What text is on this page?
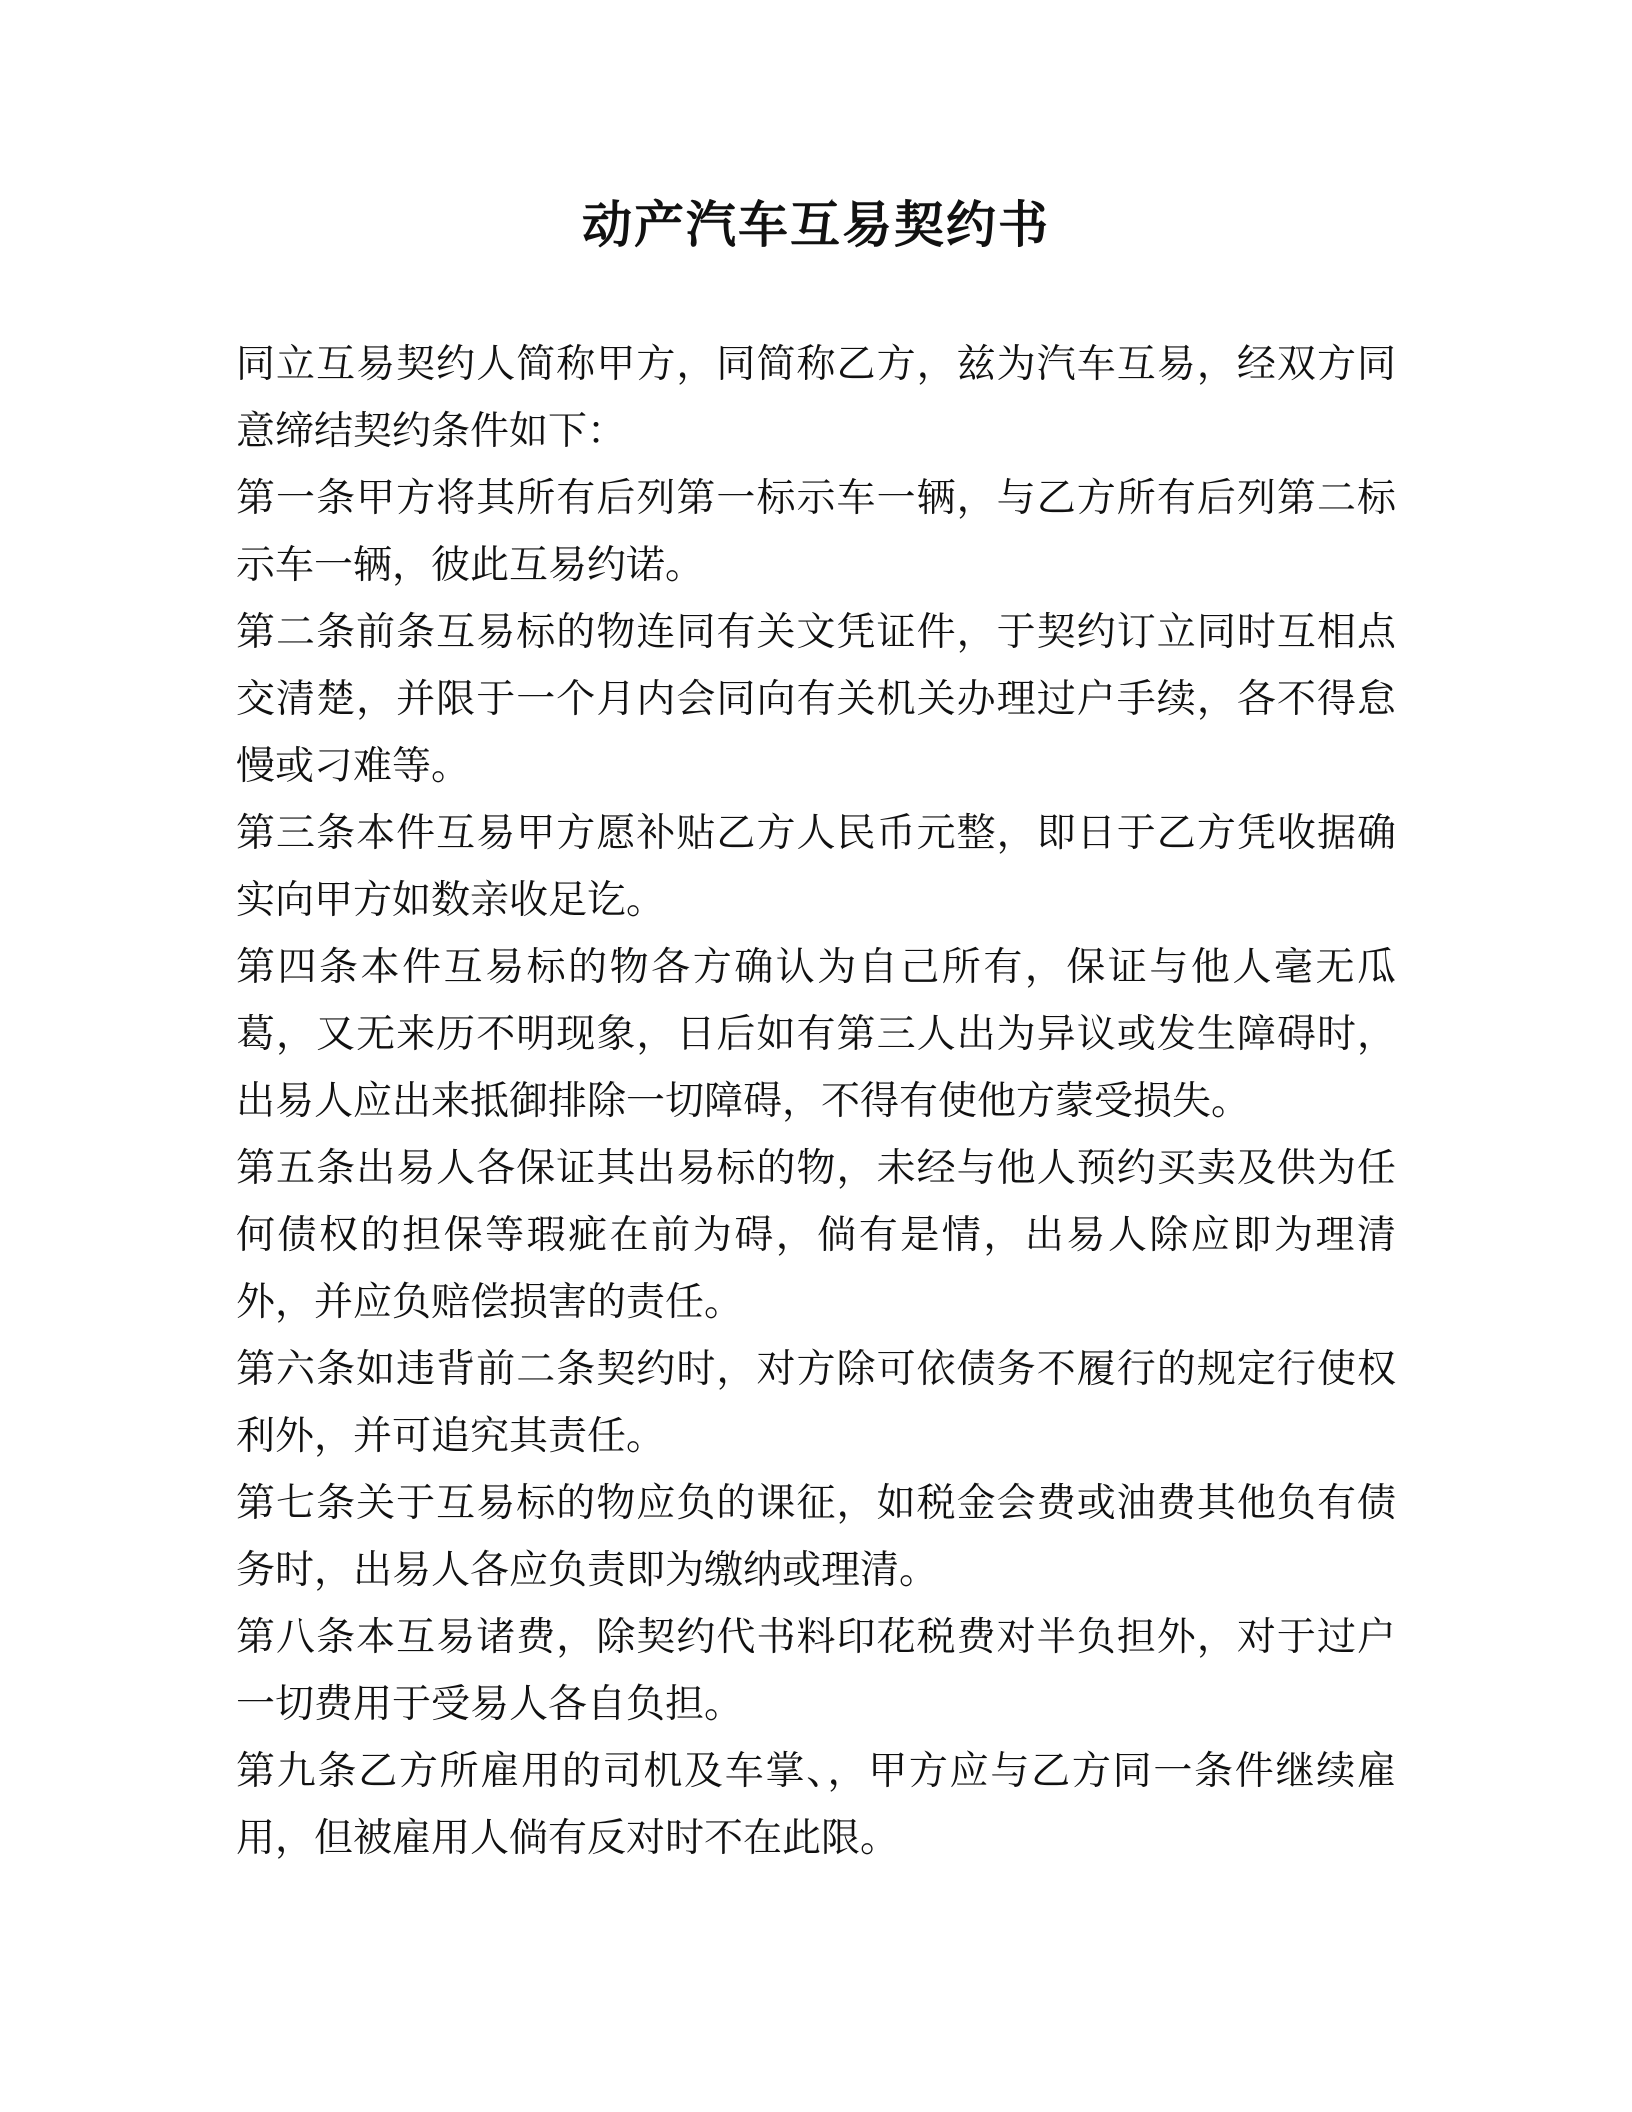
动产汽车互易契约书

同立互易契约人简称甲方，同简称乙方，兹为汽车互易，经双方同意缔结契约条件如下：

第一条甲方将其所有后列第一标示车一辆，与乙方所有后列第二标示车一辆，彼此互易约诺。

第二条前条互易标的物连同有关文凭证件，于契约订立同时互相点交清楚，并限于一个月内会同向有关机关办理过户手续，各不得怠慢或刁难等。

第三条本件互易甲方愿补贴乙方人民币元整，即日于乙方凭收据确实向甲方如数亲收足讫。

第四条本件互易标的物各方确认为自己所有，保证与他人毫无瓜葛，又无来历不明现象，日后如有第三人出为异议或发生障碍时，出易人应出来抵御排除一切障碍，不得有使他方蒙受损失。

第五条出易人各保证其出易标的物，未经与他人预约买卖及供为任何债权的担保等瑕疵在前为碍，倘有是情，出易人除应即为理清外，并应负赔偿损害的责任。

第六条如违背前二条契约时，对方除可依债务不履行的规定行使权利外，并可追究其责任。

第七条关于互易标的物应负的课征，如税金会费或油费其他负有债务时，出易人各应负责即为缴纳或理清。

第八条本互易诸费，除契约代书料印花税费对半负担外，对于过户一切费用于受易人各自负担。

第九条乙方所雇用的司机及车掌、，甲方应与乙方同一条件继续雇用，但被雇用人倘有反对时不在此限。
